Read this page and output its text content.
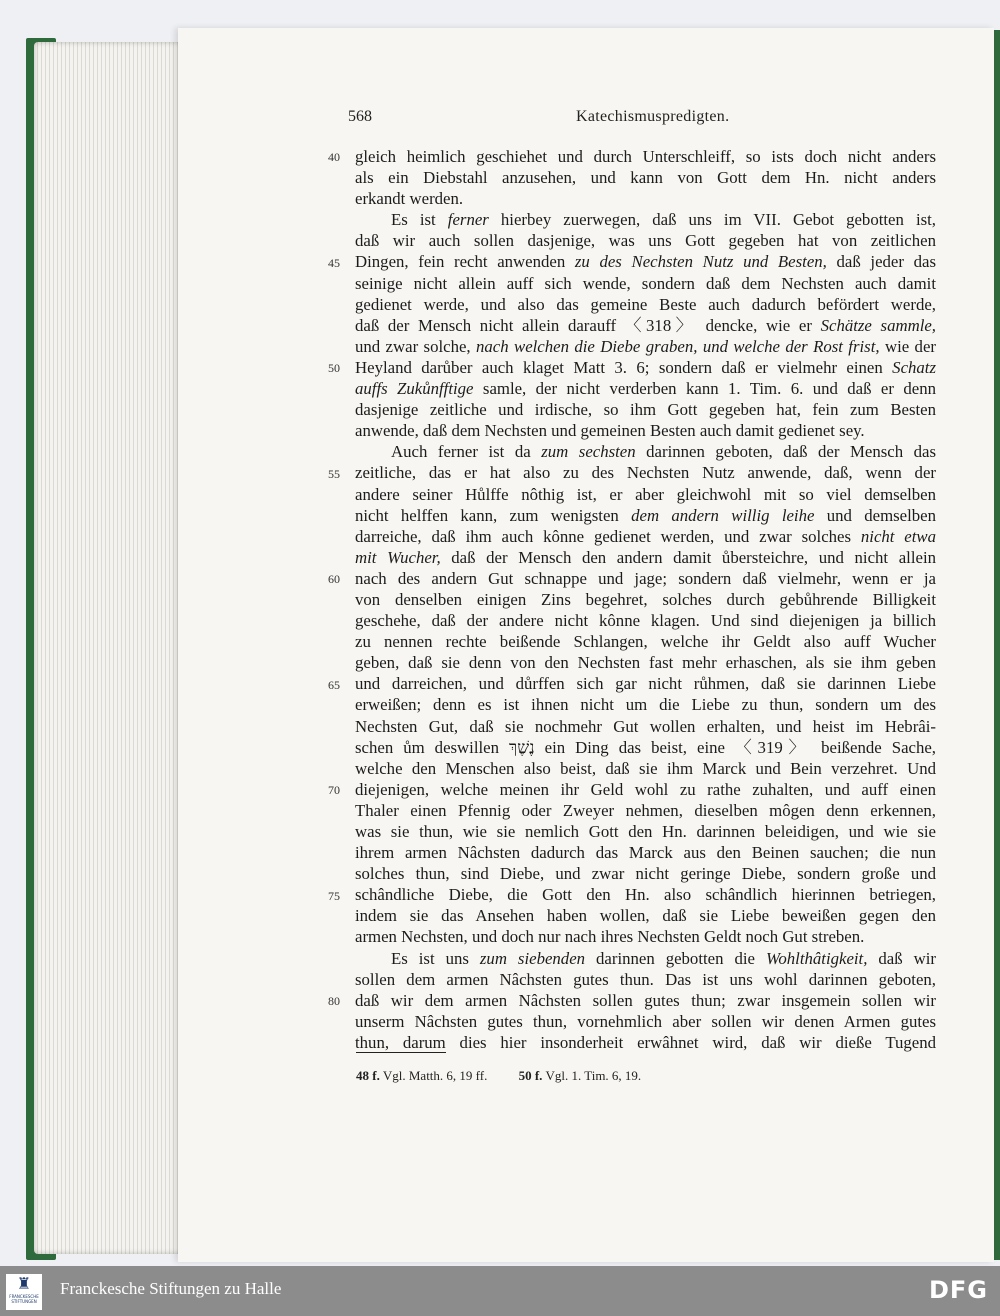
568	Katechismuspredigten.
40
45
50
55
60
65
70
75
80
gleich heimlich geschiehet und durch Unterschleiff, so ists doch nicht anders
als ein Diebstahl anzusehen, und kann von Gott dem Hn. nicht anders
erkandt werden.
Es ist ferner hierbey zuerwegen, daß uns im VII. Gebot gebotten ist,
daß wir auch sollen dasjenige, was uns Gott gegeben hat von zeitlichen
Dingen, fein recht anwenden zu des Nechsten Nutz und Besten, daß jeder das
seinige nicht allein auff sich wende, sondern daß dem Nechsten auch damit
gedienet werde, und also das gemeine Beste auch dadurch befördert werde,
daß der Mensch nicht allein darauff 〈318〉 dencke, wie er Schätze sammle,
und zwar solche, nach welchen die Diebe graben, und welche der Rost frist, wie der
Heyland darůber auch klaget Matt 3. 6; sondern daß er vielmehr einen Schatz
auffs Zukůnfftige samle, der nicht verderben kann 1. Tim. 6. und daß er denn
dasjenige zeitliche und irdische, so ihm Gott gegeben hat, fein zum Besten
anwende, daß dem Nechsten und gemeinen Besten auch damit gedienet sey.
Auch ferner ist da zum sechsten darinnen geboten, daß der Mensch das
zeitliche, das er hat also zu des Nechsten Nutz anwende, daß, wenn der
andere seiner Hůlffe nôthig ist, er aber gleichwohl mit so viel demselben
nicht helffen kann, zum wenigsten dem andern willig leihe und demselben
darreiche, daß ihm auch kônne gedienet werden, und zwar solches nicht etwa
mit Wucher, daß der Mensch den andern damit ůbersteichre, und nicht allein
nach des andern Gut schnappe und jage; sondern daß vielmehr, wenn er ja
von denselben einigen Zins begehret, solches durch gebůhrende Billigkeit
geschehe, daß der andere nicht kônne klagen. Und sind diejenigen ja billich
zu nennen rechte beißende Schlangen, welche ihr Geldt also auff Wucher
geben, daß sie denn von den Nechsten fast mehr erhaschen, als sie ihm geben
und darreichen, und důrffen sich gar nicht růhmen, daß sie darinnen Liebe
erweißen; denn es ist ihnen nicht um die Liebe zu thun, sondern um des
Nechsten Gut, daß sie nochmehr Gut wollen erhalten, und heist im Hebrâi-
schen ům deswillen נֶשֶׁךְ ein Ding das beist, eine 〈319〉 beißende Sache,
welche den Menschen also beist, daß sie ihm Marck und Bein verzehret. Und
diejenigen, welche meinen ihr Geld wohl zu rathe zuhalten, und auff einen
Thaler einen Pfennig oder Zweyer nehmen, dieselben môgen denn erkennen,
was sie thun, wie sie nemlich Gott den Hn. darinnen beleidigen, und wie sie
ihrem armen Nâchsten dadurch das Marck aus den Beinen sauchen; die nun
solches thun, sind Diebe, und zwar nicht geringe Diebe, sondern große und
schândliche Diebe, die Gott den Hn. also schândlich hierinnen betriegen,
indem sie das Ansehen haben wollen, daß sie Liebe beweißen gegen den
armen Nechsten, und doch nur nach ihres Nechsten Geldt noch Gut streben.
Es ist uns zum siebenden darinnen gebotten die Wohlthâtigkeit, daß wir
sollen dem armen Nâchsten gutes thun. Das ist uns wohl darinnen geboten,
daß wir dem armen Nâchsten sollen gutes thun; zwar insgemein sollen wir
unserm Nâchsten gutes thun, vornehmlich aber sollen wir denen Armen gutes
thun, darum dies hier insonderheit erwâhnet wird, daß wir dieße Tugend
48 f. Vgl. Matth. 6, 19 ff. 50 f. Vgl. 1. Tim. 6, 19.
♜
FRANCKESCHE STIFTUNGEN
Franckesche Stiftungen zu Halle	DFG
